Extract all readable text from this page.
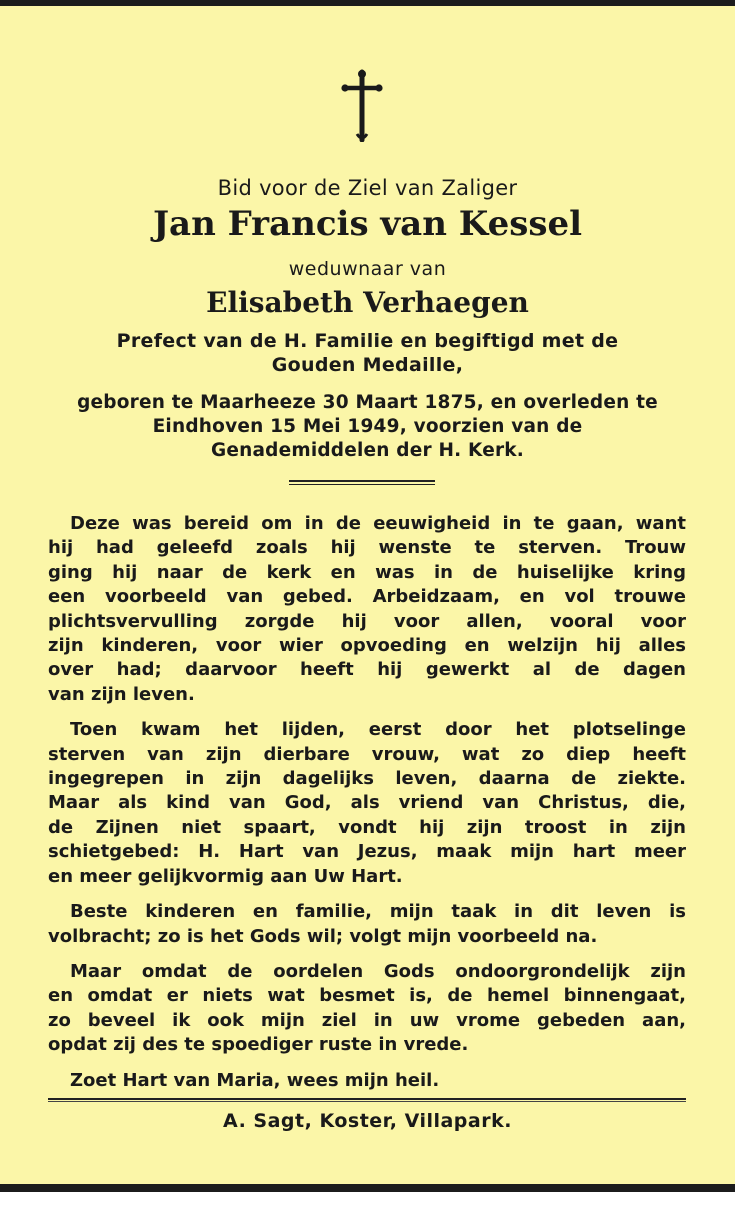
Bid voor de Ziel van Zaliger
Jan Francis van Kessel
weduwnaar van
Elisabeth Verhaegen
Prefect van de H. Familie en begiftigd met de
Gouden Medaille,
geboren te Maarheeze 30 Maart 1875, en overleden te
Eindhoven 15 Mei 1949, voorzien van de
Genademiddelen der H. Kerk.
Deze was bereid om in de eeuwigheid in te gaan, want
hij had geleefd zoals hij wenste te sterven. Trouw
ging hij naar de kerk en was in de huiselijke kring
een voorbeeld van gebed. Arbeidzaam, en vol trouwe
plichtsvervulling zorgde hij voor allen, vooral voor
zijn kinderen, voor wier opvoeding en welzijn hij alles
over had; daarvoor heeft hij gewerkt al de dagen
van zijn leven.
Toen kwam het lijden, eerst door het plotselinge
sterven van zijn dierbare vrouw, wat zo diep heeft
ingegrepen in zijn dagelijks leven, daarna de ziekte.
Maar als kind van God, als vriend van Christus, die,
de Zijnen niet spaart, vondt hij zijn troost in zijn
schietgebed: H. Hart van Jezus, maak mijn hart meer
en meer gelijkvormig aan Uw Hart.
Beste kinderen en familie, mijn taak in dit leven is
volbracht; zo is het Gods wil; volgt mijn voorbeeld na.
Maar omdat de oordelen Gods ondoorgrondelijk zijn
en omdat er niets wat besmet is, de hemel binnengaat,
zo beveel ik ook mijn ziel in uw vrome gebeden aan,
opdat zij des te spoediger ruste in vrede.
Zoet Hart van Maria, wees mijn heil.
A. Sagt, Koster, Villapark.
